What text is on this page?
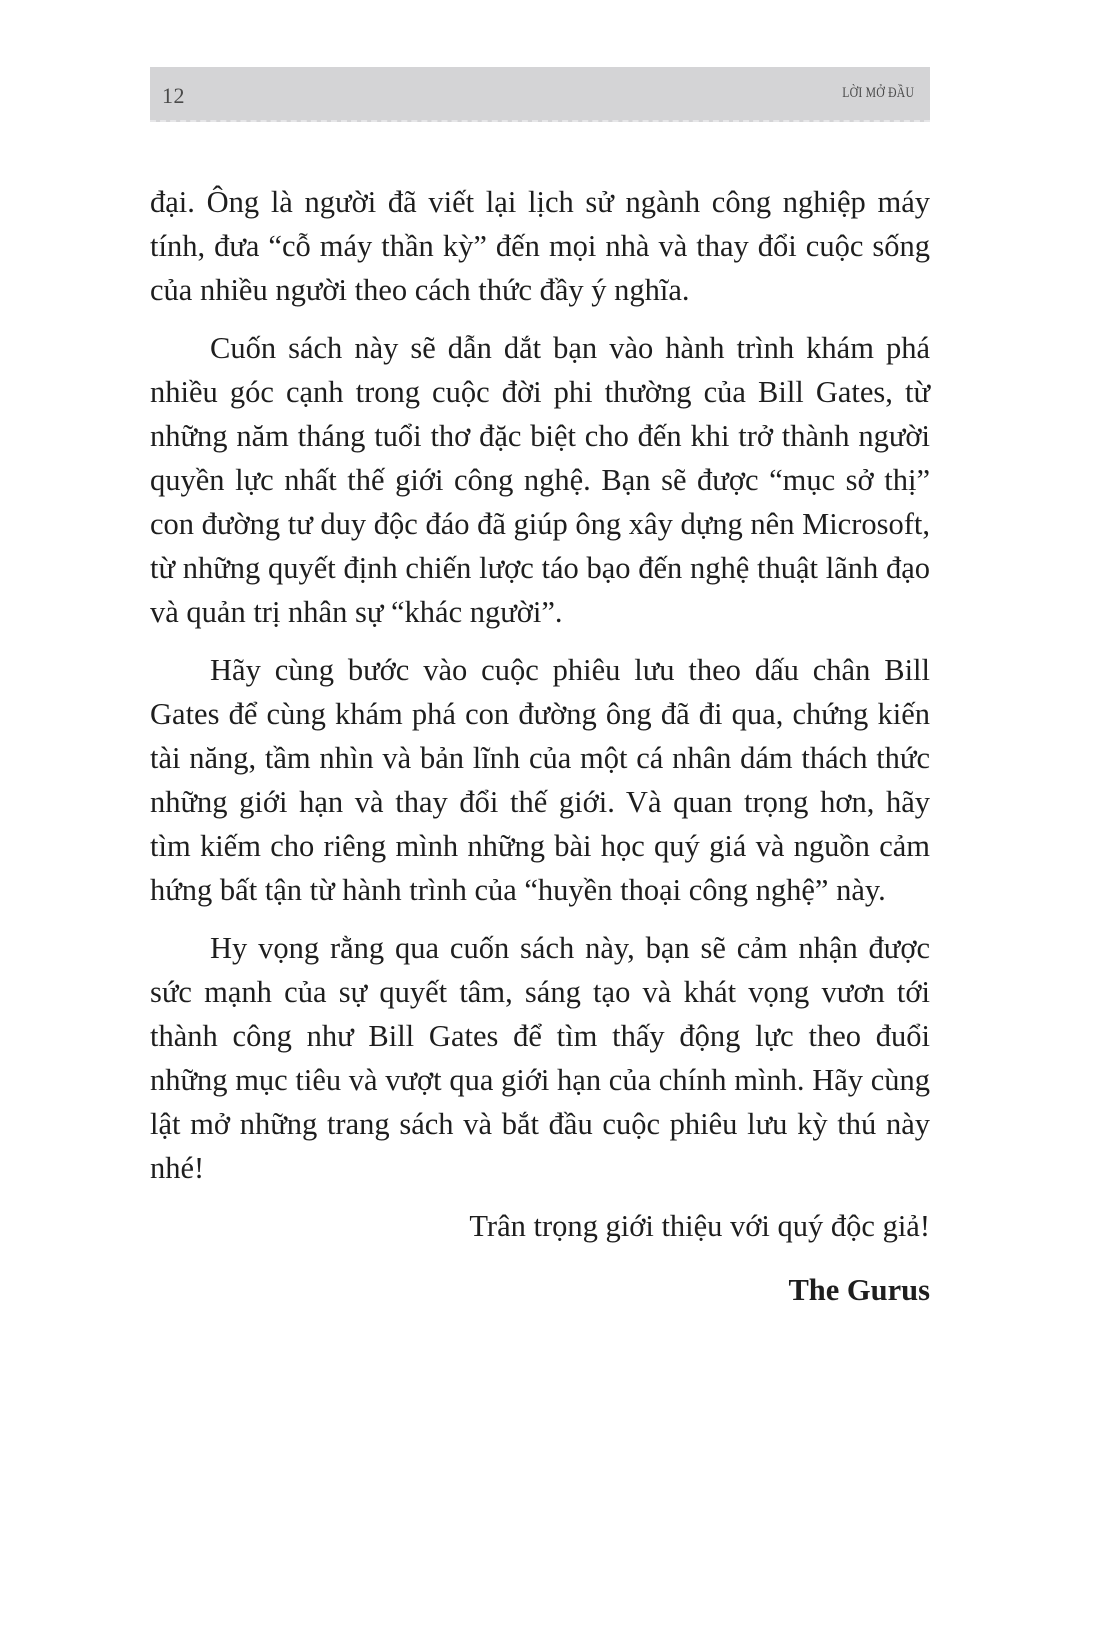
12	LỜI MỞ ĐẦU

đại. Ông là người đã viết lại lịch sử ngành công nghiệp máy tính, đưa “cỗ máy thần kỳ” đến mọi nhà và thay đổi cuộc sống của nhiều người theo cách thức đầy ý nghĩa.

Cuốn sách này sẽ dẫn dắt bạn vào hành trình khám phá nhiều góc cạnh trong cuộc đời phi thường của Bill Gates, từ những năm tháng tuổi thơ đặc biệt cho đến khi trở thành người quyền lực nhất thế giới công nghệ. Bạn sẽ được “mục sở thị” con đường tư duy độc đáo đã giúp ông xây dựng nên Microsoft, từ những quyết định chiến lược táo bạo đến nghệ thuật lãnh đạo và quản trị nhân sự “khác người”.

Hãy cùng bước vào cuộc phiêu lưu theo dấu chân Bill Gates để cùng khám phá con đường ông đã đi qua, chứng kiến tài năng, tầm nhìn và bản lĩnh của một cá nhân dám thách thức những giới hạn và thay đổi thế giới. Và quan trọng hơn, hãy tìm kiếm cho riêng mình những bài học quý giá và nguồn cảm hứng bất tận từ hành trình của “huyền thoại công nghệ” này.

Hy vọng rằng qua cuốn sách này, bạn sẽ cảm nhận được sức mạnh của sự quyết tâm, sáng tạo và khát vọng vươn tới thành công như Bill Gates để tìm thấy động lực theo đuổi những mục tiêu và vượt qua giới hạn của chính mình. Hãy cùng lật mở những trang sách và bắt đầu cuộc phiêu lưu kỳ thú này nhé!

Trân trọng giới thiệu với quý độc giả!

The Gurus
